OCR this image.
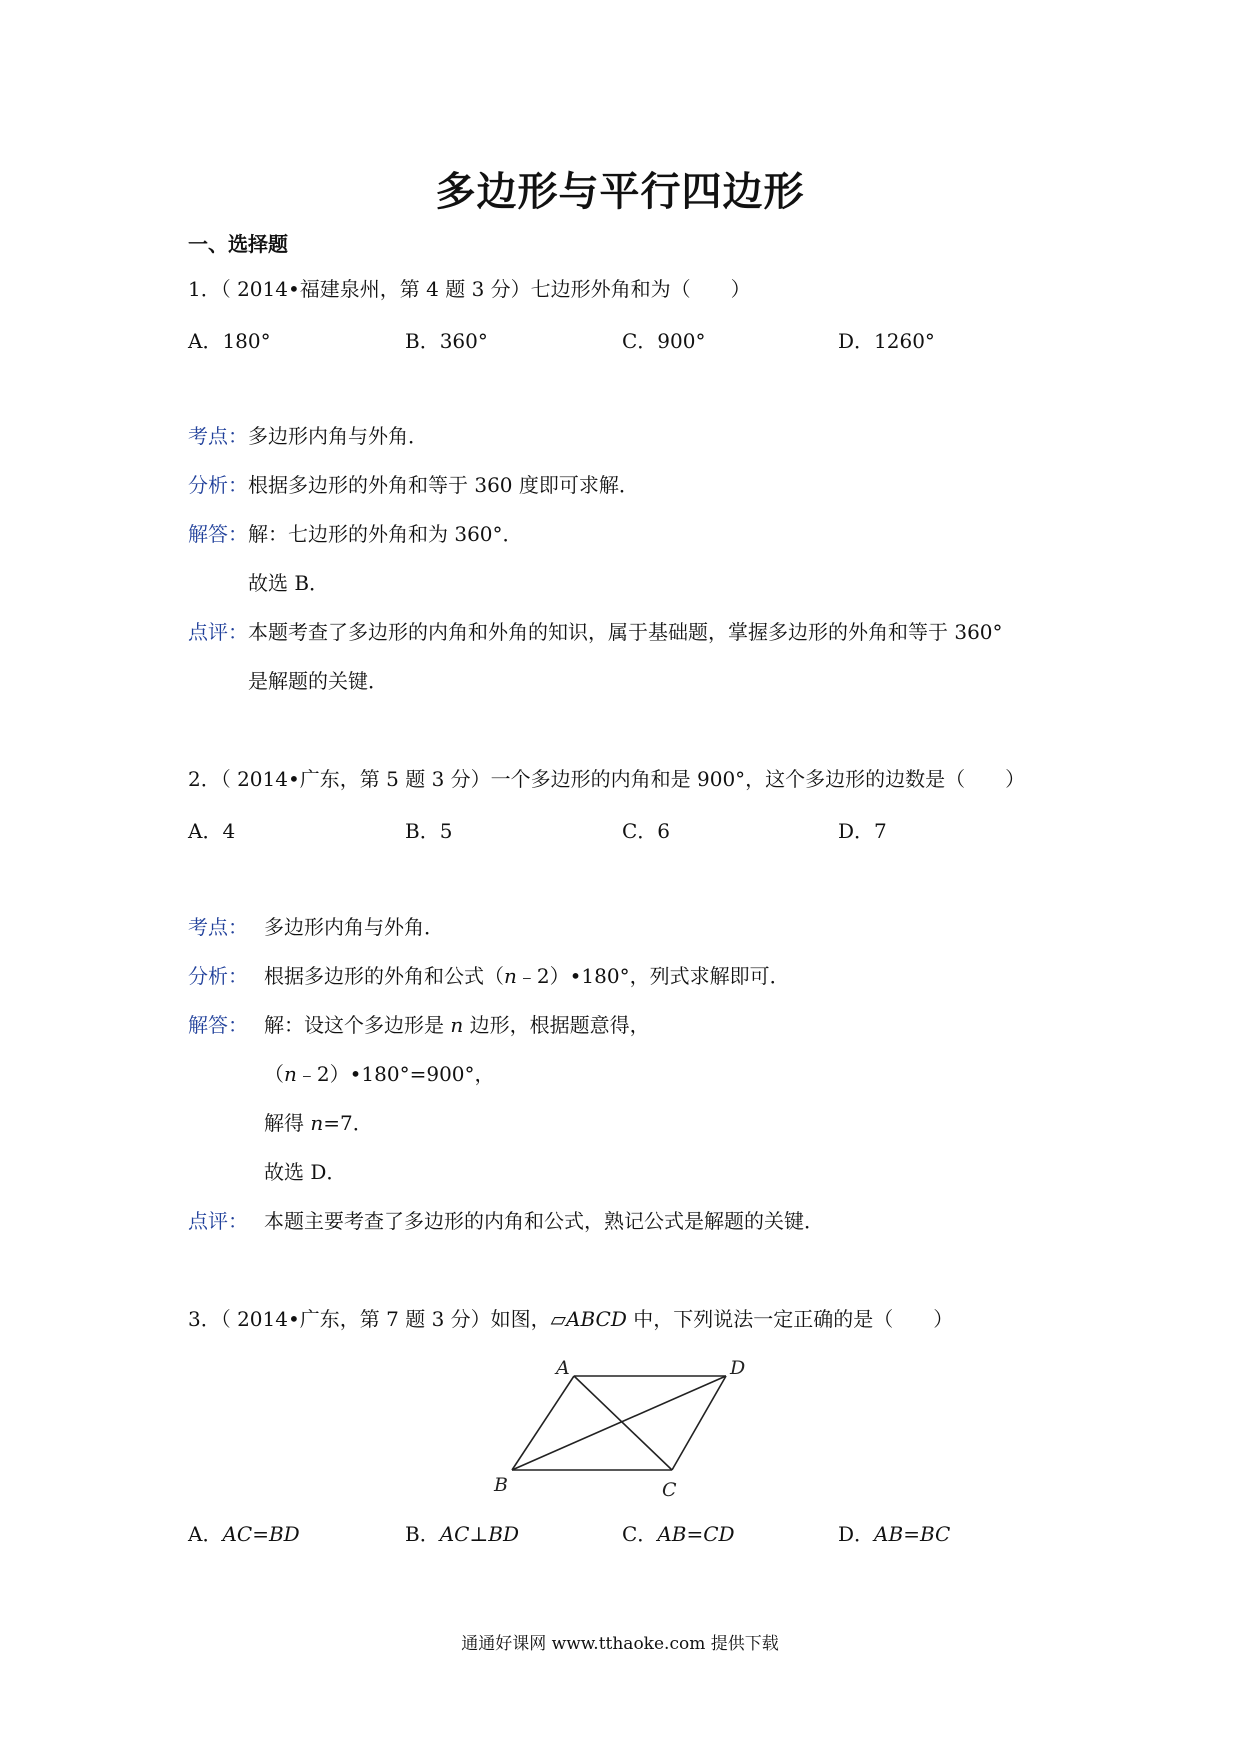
多边形与平行四边形
一、选择题
1．（ 2014•福建泉州，第 4 题 3 分）七边形外角和为（　　）
A．180°	B．360°	C．900°	D．1260°
考点：多边形内角与外角．
分析：根据多边形的外角和等于 360 度即可求解．
解答：解：七边形的外角和为 360°．
故选 B．
点评：本题考查了多边形的内角和外角的知识，属于基础题，掌握多边形的外角和等于 360°
是解题的关键．
2．（ 2014•广东，第 5 题 3 分）一个多边形的内角和是 900°，这个多边形的边数是（　　）
A．4	B．5	C．6	D．7
考点： 多边形内角与外角．
分析： 根据多边形的外角和公式（n﹣2）•180°，列式求解即可．
解答： 解：设这个多边形是 n 边形，根据题意得，
（n﹣2）•180°=900°，
解得 n=7．
故选 D．
点评： 本题主要考查了多边形的内角和公式，熟记公式是解题的关键．
3．（ 2014•广东，第 7 题 3 分）如图，▱ABCD 中，下列说法一定正确的是（　　）
A	D
B	C
A．AC=BD	B．AC⊥BD	C．AB=CD	D．AB=BC
通通好课网 www.tthaoke.com 提供下载
